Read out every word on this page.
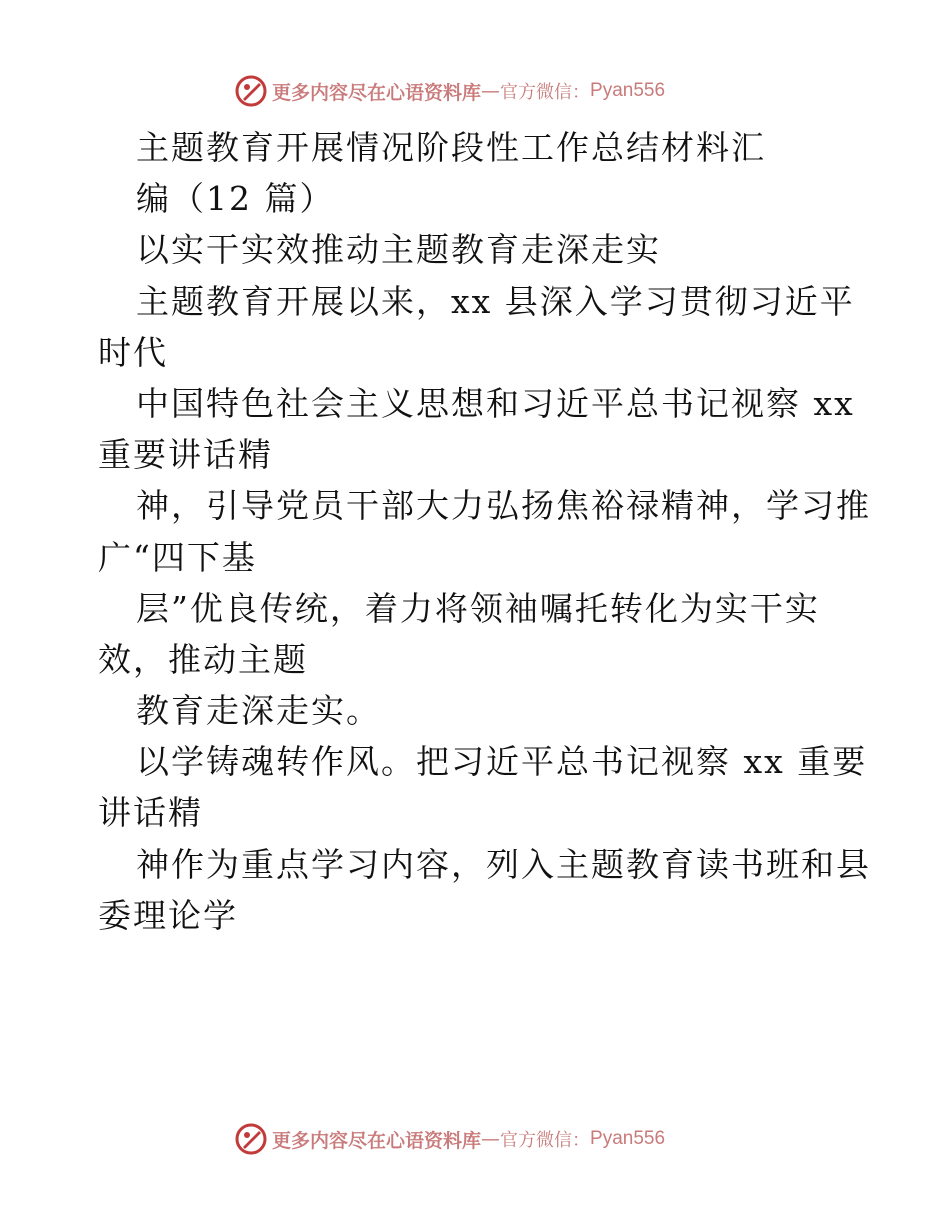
更多内容尽在心语资料库 — 官方微信： Pyan556
主题教育开展情况阶段性工作总结材料汇
编（12 篇）
以实干实效推动主题教育走深走实
主题教育开展以来，xx 县深入学习贯彻习近平
时代
中国特色社会主义思想和习近平总书记视察 xx
重要讲话精
神，引导党员干部大力弘扬焦裕禄精神，学习推
广“四下基
层”优良传统，着力将领袖嘱托转化为实干实
效，推动主题
教育走深走实。
以学铸魂转作风。把习近平总书记视察 xx 重要
讲话精
神作为重点学习内容，列入主题教育读书班和县
委理论学
更多内容尽在心语资料库 — 官方微信： Pyan556
